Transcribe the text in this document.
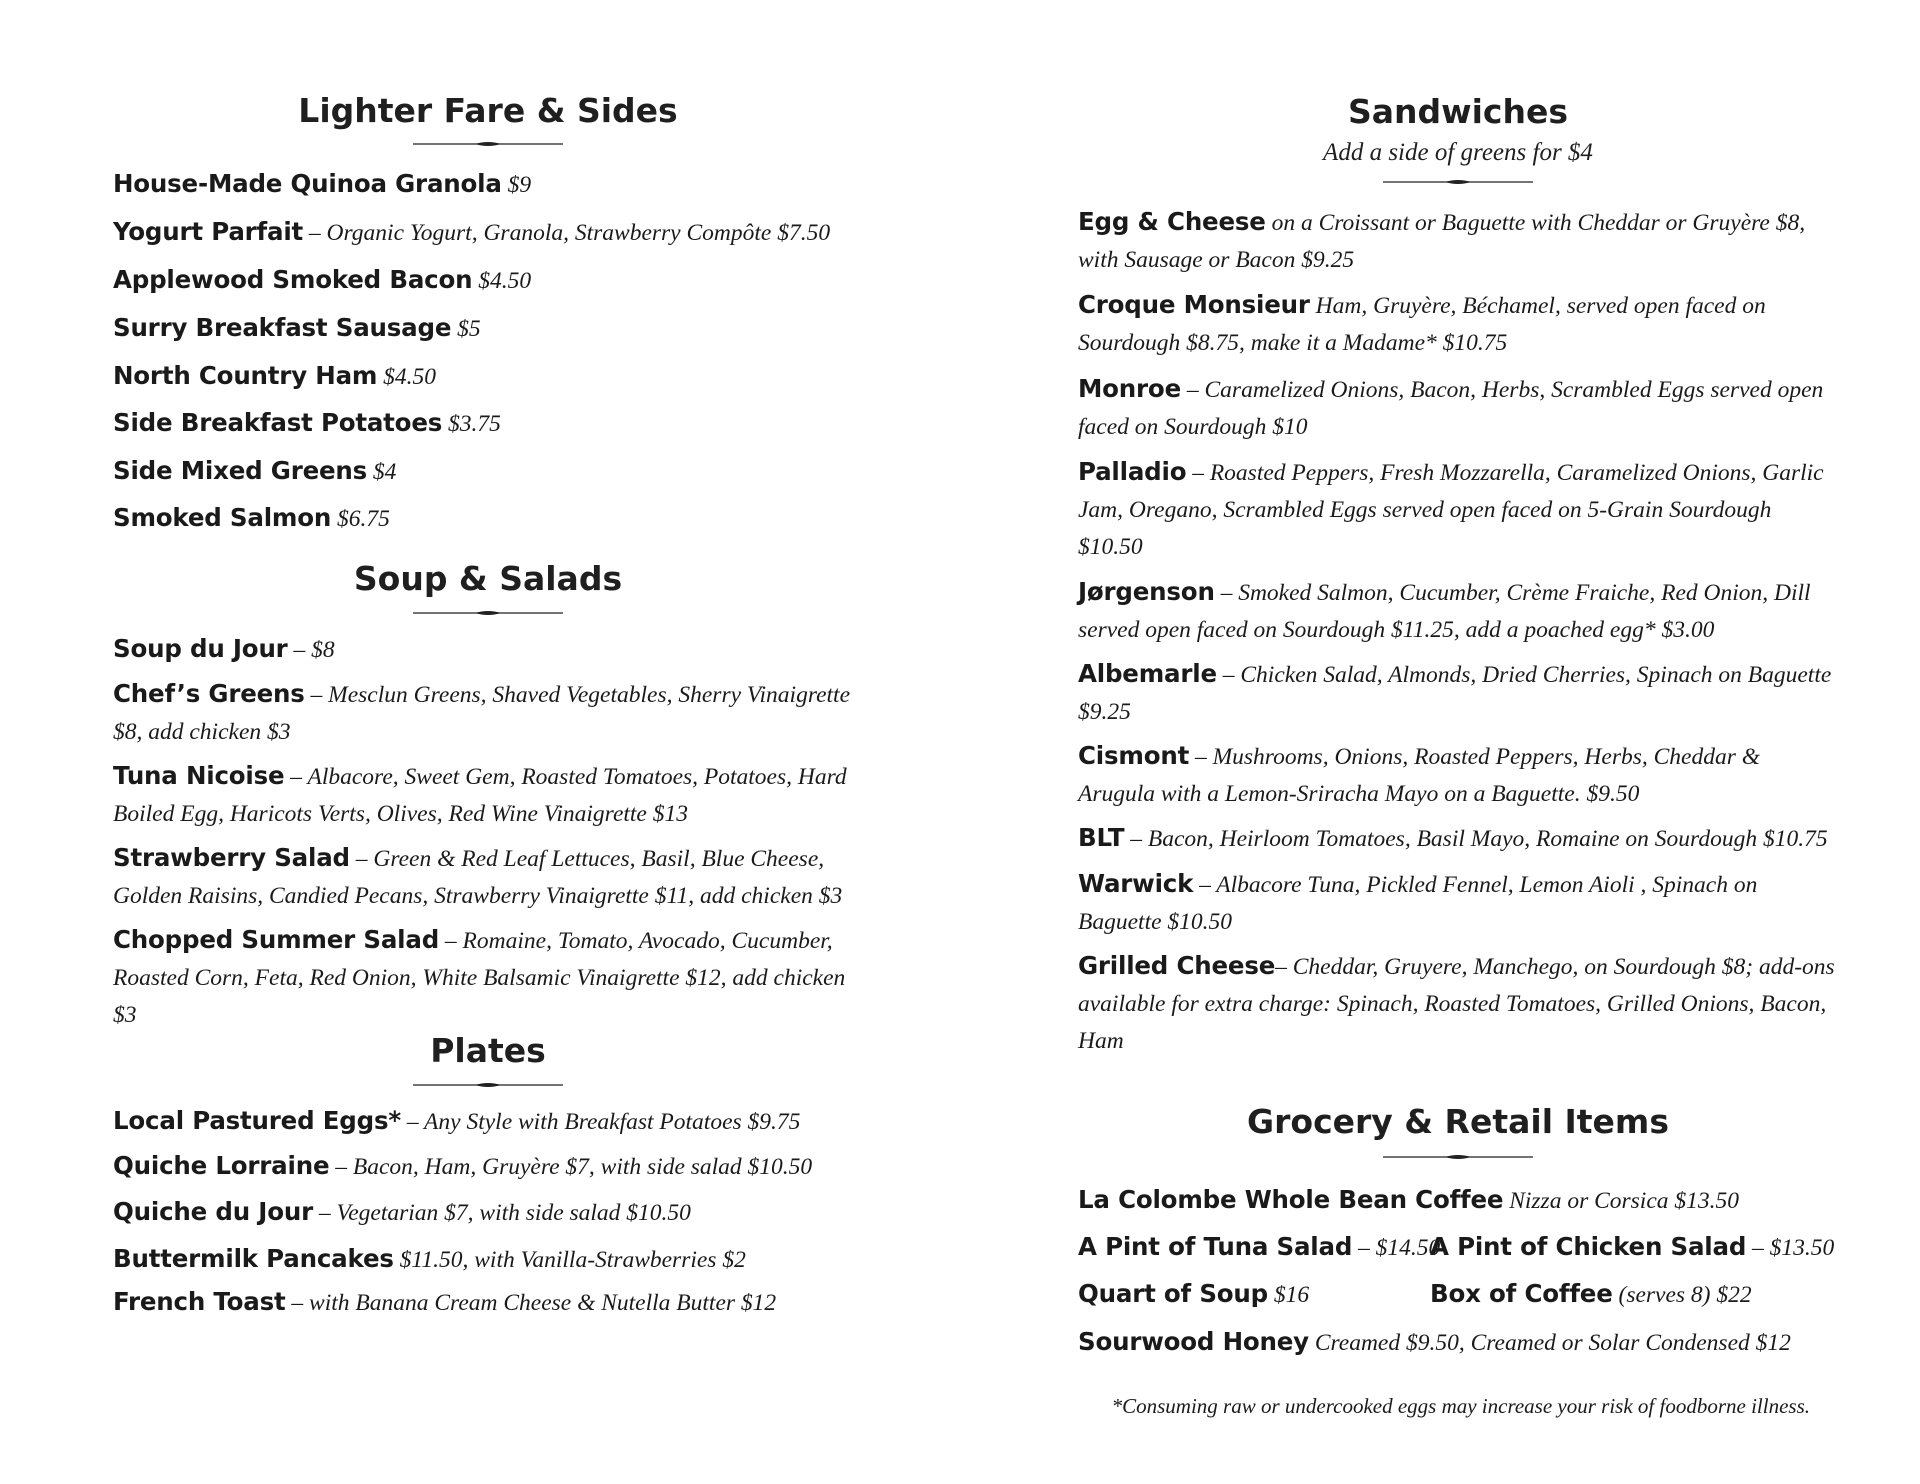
Lighter Fare & Sides
House-Made Quinoa Granola $9
Yogurt Parfait – Organic Yogurt, Granola, Strawberry Compôte $7.50
Applewood Smoked Bacon $4.50
Surry Breakfast Sausage $5
North Country Ham $4.50
Side Breakfast Potatoes $3.75
Side Mixed Greens $4
Smoked Salmon $6.75
Soup & Salads
Soup du Jour – $8
Chef’s Greens – Mesclun Greens, Shaved Vegetables, Sherry Vinaigrette $8, add chicken $3
Tuna Nicoise – Albacore, Sweet Gem, Roasted Tomatoes, Potatoes, Hard Boiled Egg, Haricots Verts, Olives, Red Wine Vinaigrette $13
Strawberry Salad – Green & Red Leaf Lettuces, Basil, Blue Cheese, Golden Raisins, Candied Pecans, Strawberry Vinaigrette $11, add chicken $3
Chopped Summer Salad – Romaine, Tomato, Avocado, Cucumber, Roasted Corn, Feta, Red Onion, White Balsamic Vinaigrette $12, add chicken $3
Plates
Local Pastured Eggs* – Any Style with Breakfast Potatoes $9.75
Quiche Lorraine – Bacon, Ham, Gruyère $7, with side salad $10.50
Quiche du Jour – Vegetarian $7, with side salad $10.50
Buttermilk Pancakes $11.50, with Vanilla-Strawberries $2
French Toast – with Banana Cream Cheese & Nutella Butter $12
Sandwiches
Add a side of greens for $4
Egg & Cheese on a Croissant or Baguette with Cheddar or Gruyère $8, with Sausage or Bacon $9.25
Croque Monsieur Ham, Gruyère, Béchamel, served open faced on Sourdough $8.75, make it a Madame* $10.75
Monroe – Caramelized Onions, Bacon, Herbs, Scrambled Eggs served open faced on Sourdough $10
Palladio – Roasted Peppers, Fresh Mozzarella, Caramelized Onions, Garlic Jam, Oregano, Scrambled Eggs served open faced on 5-Grain Sourdough $10.50
Jørgenson – Smoked Salmon, Cucumber, Crème Fraiche, Red Onion, Dill served open faced on Sourdough $11.25, add a poached egg* $3.00
Albemarle – Chicken Salad, Almonds, Dried Cherries, Spinach on Baguette $9.25
Cismont – Mushrooms, Onions, Roasted Peppers, Herbs, Cheddar & Arugula with a Lemon-Sriracha Mayo on a Baguette. $9.50
BLT – Bacon, Heirloom Tomatoes, Basil Mayo, Romaine on Sourdough $10.75
Warwick – Albacore Tuna, Pickled Fennel, Lemon Aioli , Spinach on Baguette $10.50
Grilled Cheese– Cheddar, Gruyere, Manchego, on Sourdough $8; add-ons available for extra charge: Spinach, Roasted Tomatoes, Grilled Onions, Bacon, Ham
Grocery & Retail Items
La Colombe Whole Bean Coffee Nizza or Corsica $13.50
A Pint of Tuna Salad – $14.50
A Pint of Chicken Salad – $13.50
Quart of Soup $16	Box of Coffee (serves 8) $22
Sourwood Honey Creamed $9.50, Creamed or Solar Condensed $12
*Consuming raw or undercooked eggs may increase your risk of foodborne illness.
